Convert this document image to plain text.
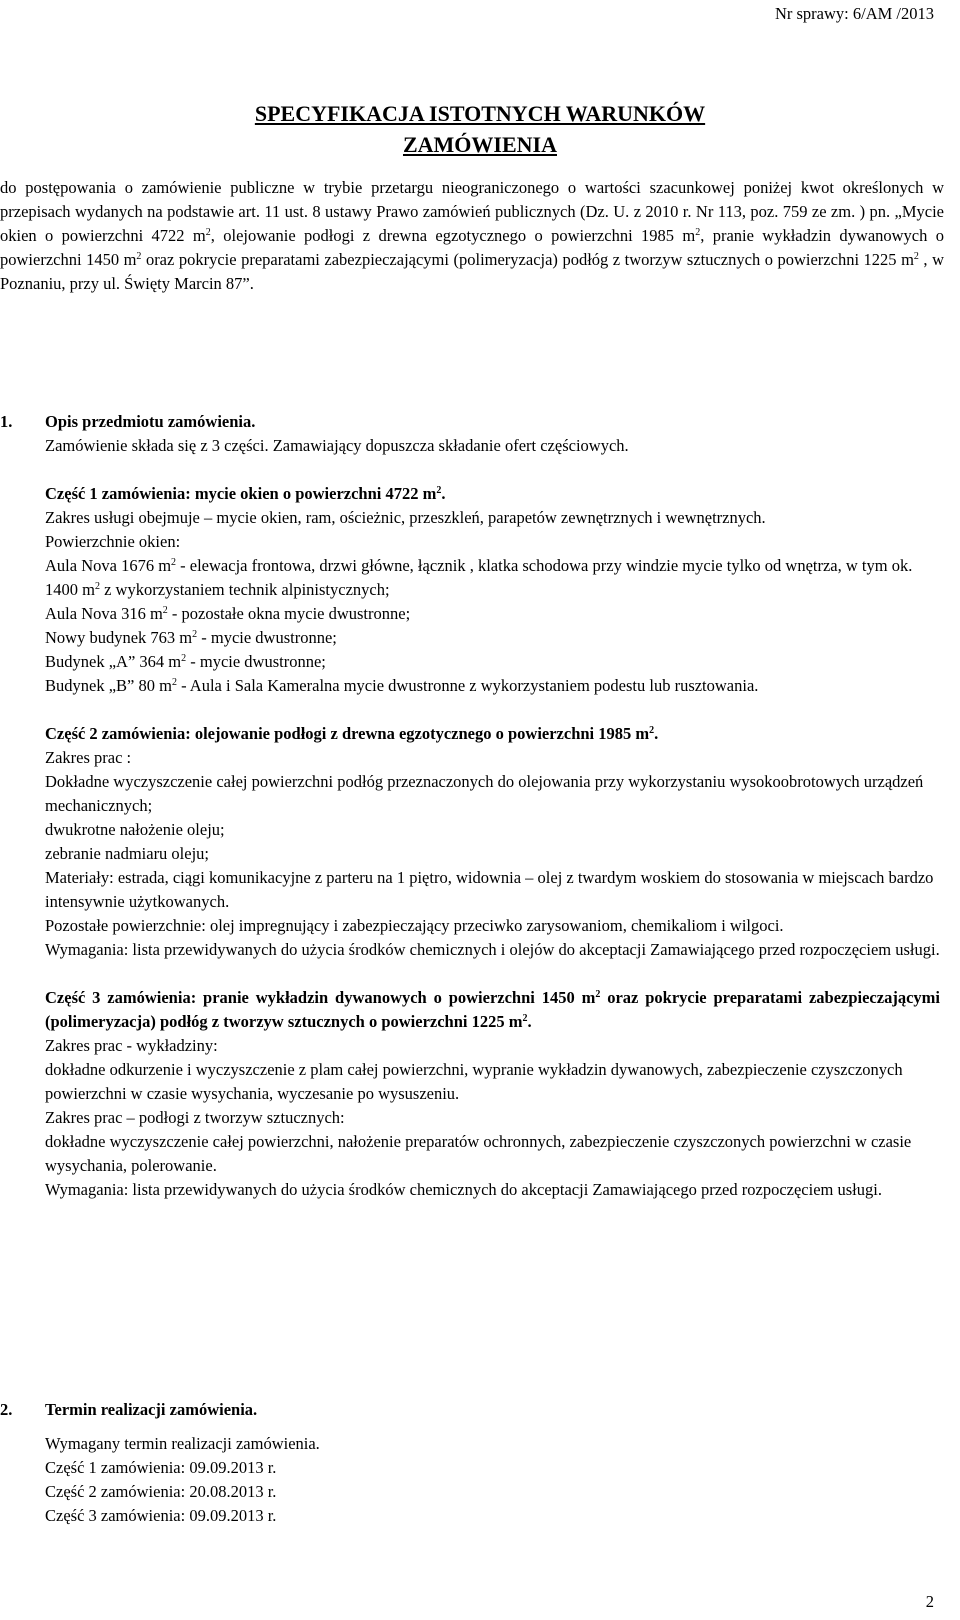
Nr sprawy: 6/AM /2013
SPECYFIKACJA ISTOTNYCH WARUNKÓW
ZAMÓWIENIA

do postępowania o zamówienie publiczne w trybie przetargu nieograniczonego o wartości szacunkowej poniżej kwot określonych w przepisach wydanych na podstawie art. 11 ust. 8 ustawy Prawo zamówień publicznych (Dz. U. z 2010 r. Nr 113, poz. 759 ze zm. ) pn. „Mycie okien o powierzchni 4722 $m^2$, olejowanie podłogi z drewna egzotycznego o powierzchni 1985 $m^2$, pranie wykładzin dywanowych o powierzchni 1450 $m^2$ oraz pokrycie preparatami zabezpieczającymi (polimeryzacja) podłóg z tworzyw sztucznych o powierzchni 1225 $m^2$ , w Poznaniu, przy ul. Święty Marcin 87”.

1. Opis przedmiotu zamówienia.

Zamówienie składa się z 3 części. Zamawiający dopuszcza składanie ofert częściowych.

Część 1 zamówienia: mycie okien o powierzchni 4722 $m^2$.

Zakres usługi obejmuje – mycie okien, ram, ościeżnic, przeszkleń, parapetów zewnętrznych i wewnętrznych.

Powierzchnie okien:

Aula Nova 1676 $m^2$ - elewacja frontowa, drzwi główne, łącznik , klatka schodowa przy windzie mycie tylko od wnętrza, w tym ok. 1400 $m^2$ z wykorzystaniem technik alpinistycznych;

Aula Nova 316 $m^2$ - pozostałe okna mycie dwustronne;

Nowy budynek 763 $m^2$ - mycie dwustronne;

Budynek „A” 364 $m^2$ - mycie dwustronne;

Budynek „B” 80 $m^2$ - Aula i Sala Kameralna mycie dwustronne z wykorzystaniem podestu lub rusztowania.

Część 2 zamówienia: olejowanie podłogi z drewna egzotycznego o powierzchni 1985 $m^2$.

Zakres prac :

Dokładne wyczyszczenie całej powierzchni podłóg przeznaczonych do olejowania przy wykorzystaniu wysokoobrotowych urządzeń mechanicznych;

dwukrotne nałożenie oleju;

zebranie nadmiaru oleju;

Materiały: estrada, ciągi komunikacyjne z parteru na 1 piętro, widownia – olej z twardym woskiem do stosowania w miejscach bardzo intensywnie użytkowanych.

Pozostałe powierzchnie: olej impregnujący i zabezpieczający przeciwko zarysowaniom, chemikaliom i wilgoci.

Wymagania: lista przewidywanych do użycia środków chemicznych i olejów do akceptacji Zamawiającego przed rozpoczęciem usługi.

Część 3 zamówienia: pranie wykładzin dywanowych o powierzchni 1450 $m^2$ oraz pokrycie preparatami zabezpieczającymi (polimeryzacja) podłóg z tworzyw sztucznych o powierzchni 1225 $m^2$.

Zakres prac - wykładziny:

dokładne odkurzenie i wyczyszczenie z plam całej powierzchni, wypranie wykładzin dywanowych, zabezpieczenie czyszczonych powierzchni w czasie wysychania, wyczesanie po wysuszeniu.

Zakres prac – podłogi z tworzyw sztucznych:

dokładne wyczyszczenie całej powierzchni, nałożenie preparatów ochronnych, zabezpieczenie czyszczonych powierzchni w czasie wysychania, polerowanie.

Wymagania: lista przewidywanych do użycia środków chemicznych do akceptacji Zamawiającego przed rozpoczęciem usługi.

2. Termin realizacji zamówienia.

Wymagany termin realizacji zamówienia.

Część 1 zamówienia: 09.09.2013 r.

Część 2 zamówienia: 20.08.2013 r.

Część 3 zamówienia: 09.09.2013 r.

2
